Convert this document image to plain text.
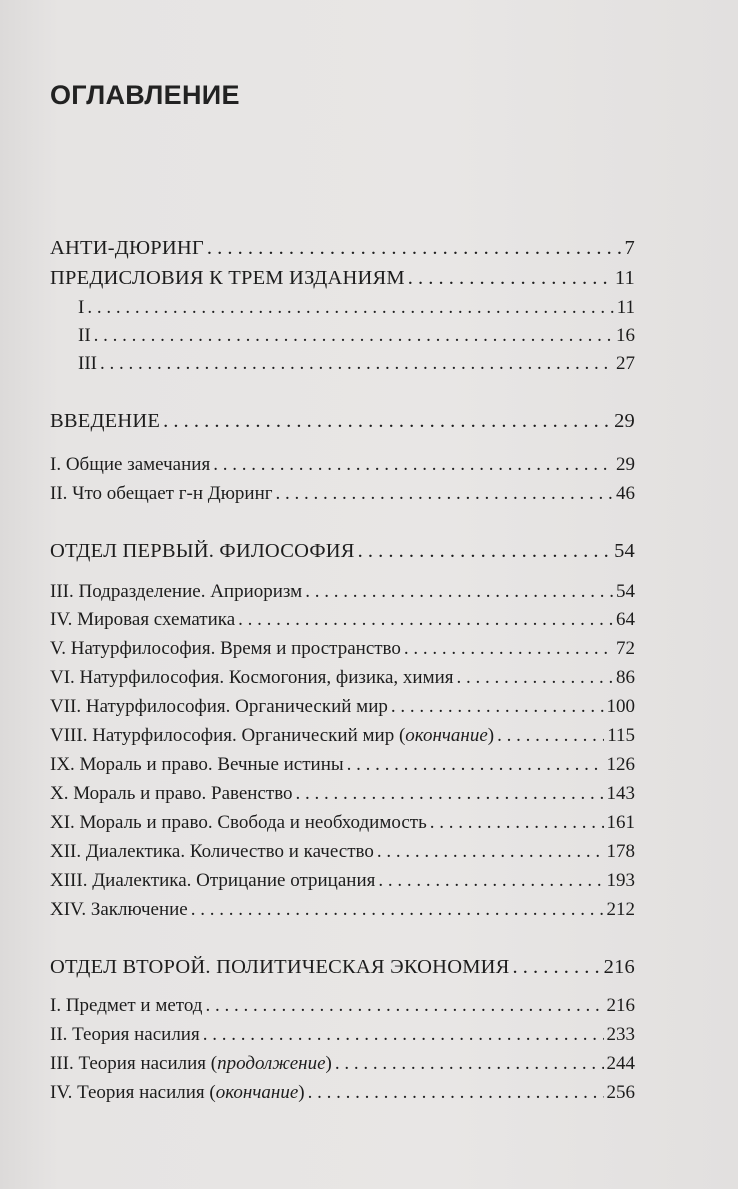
ОГЛАВЛЕНИЕ
АНТИ-ДЮРИНГ . . .	7
ПРЕДИСЛОВИЯ К ТРЕМ ИЗДАНИЯМ . . .	11
I . . .	11
II . . .	16
III . . .	27
ВВЕДЕНИЕ . . .	29
I. Общие замечания . . .	29
II. Что обещает г-н Дюринг . . .	46
ОТДЕЛ ПЕРВЫЙ. ФИЛОСОФИЯ . . .	54
III. Подразделение. Априоризм . . .	54
IV. Мировая схематика . . .	64
V. Натурфилософия. Время и пространство . . .	72
VI. Натурфилософия. Космогония, физика, химия . . .	86
VII. Натурфилософия. Органический мир . . .	100
VIII. Натурфилософия. Органический мир (окончание) . . .	115
IX. Мораль и право. Вечные истины . . .	126
X. Мораль и право. Равенство . . .	143
XI. Мораль и право. Свобода и необходимость . . .	161
XII. Диалектика. Количество и качество . . .	178
XIII. Диалектика. Отрицание отрицания . . .	193
XIV. Заключение . . .	212
ОТДЕЛ ВТОРОЙ. ПОЛИТИЧЕСКАЯ ЭКОНОМИЯ . . .	216
I. Предмет и метод . . .	216
II. Теория насилия . . .	233
III. Теория насилия (продолжение) . . .	244
IV. Теория насилия (окончание) . . .	256
